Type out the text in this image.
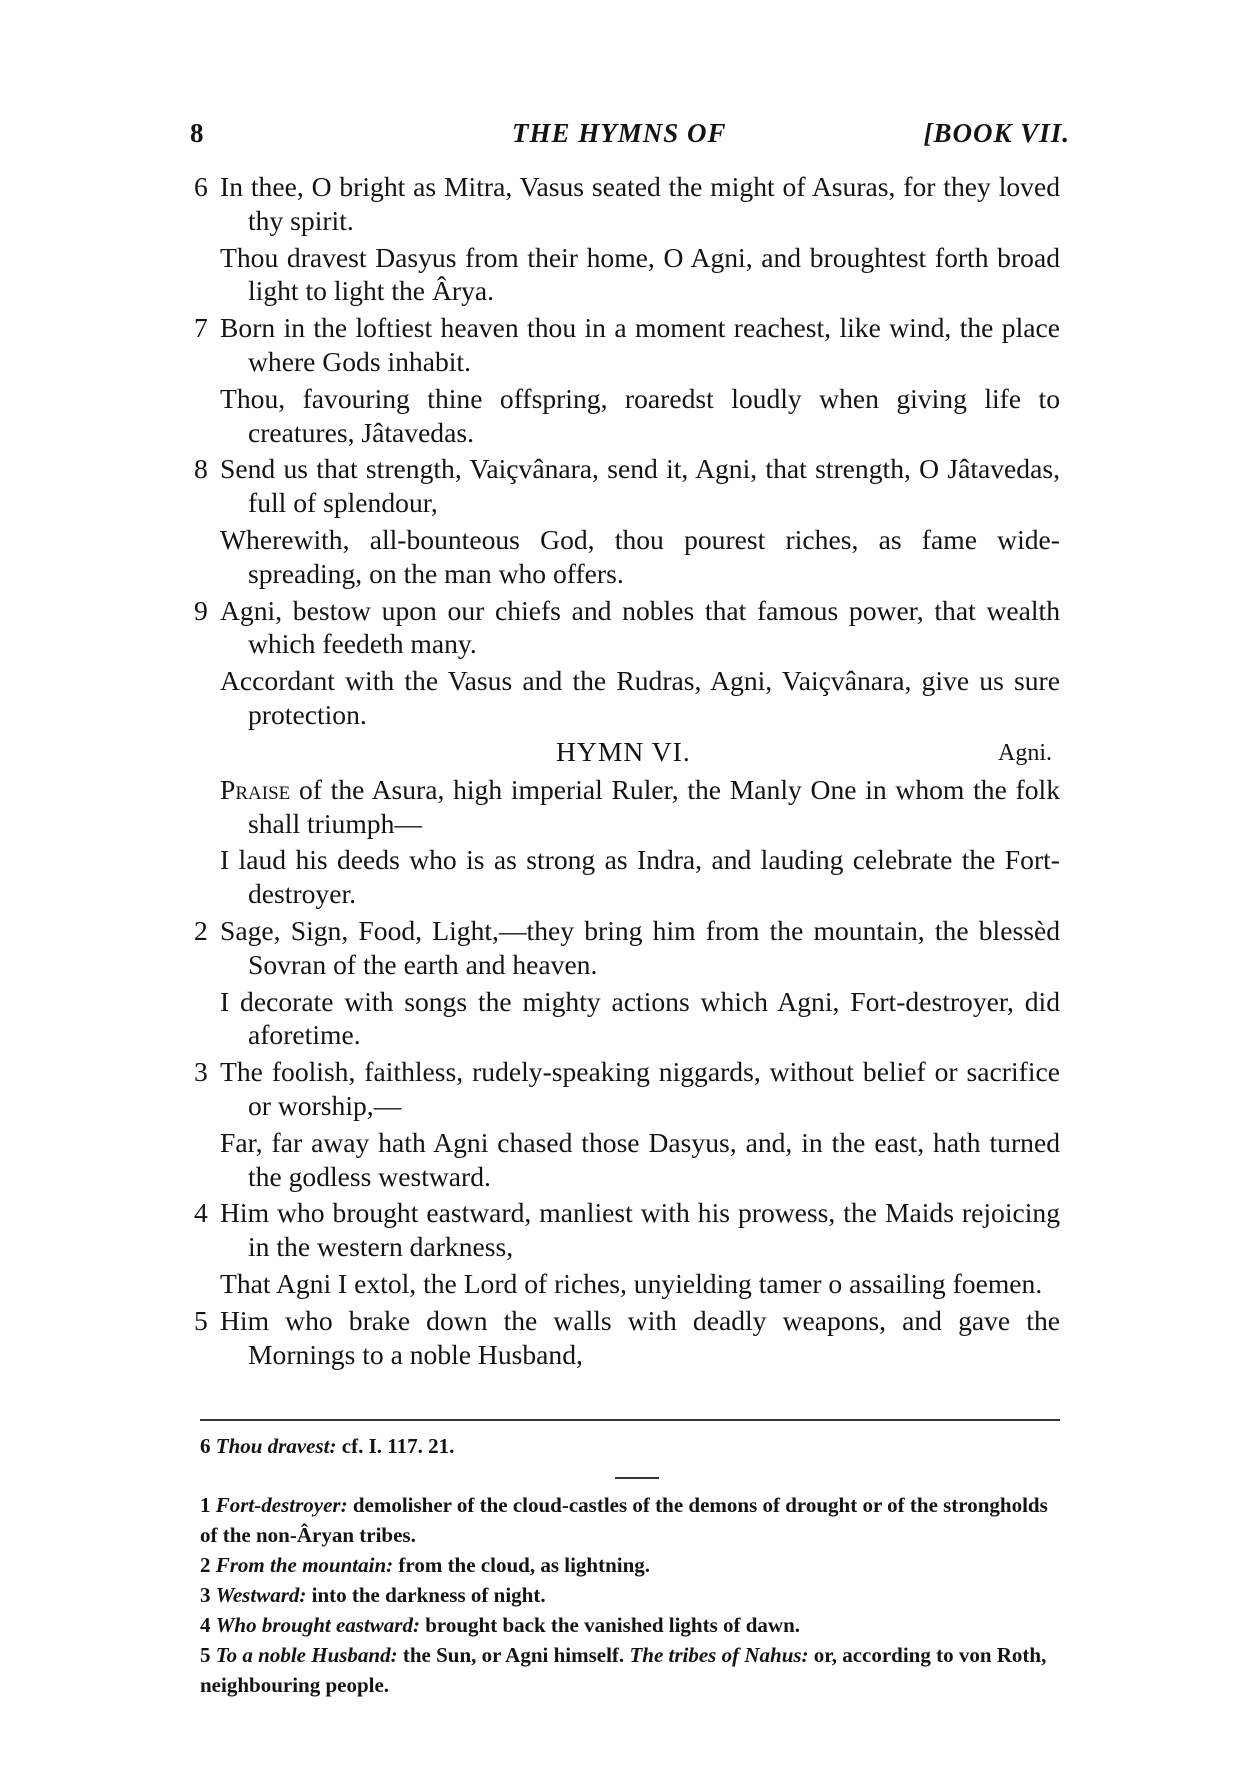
8	THE HYMNS OF	[BOOK VII.
6 In thee, O bright as Mitra, Vasus seated the might of Asuras, for they loved thy spirit.
Thou dravest Dasyus from their home, O Agni, and broughtest forth broad light to light the Ârya.
7 Born in the loftiest heaven thou in a moment reachest, like wind, the place where Gods inhabit.
Thou, favouring thine offspring, roaredst loudly when giving life to creatures, Jâtavedas.
8 Send us that strength, Vaiçvânara, send it, Agni, that strength, O Jâtavedas, full of splendour,
Wherewith, all-bounteous God, thou pourest riches, as fame wide-spreading, on the man who offers.
9 Agni, bestow upon our chiefs and nobles that famous power, that wealth which feedeth many.
Accordant with the Vasus and the Rudras, Agni, Vaiçvânara, give us sure protection.
HYMN VI.	Agni.
Praise of the Asura, high imperial Ruler, the Manly One in whom the folk shall triumph—
I laud his deeds who is as strong as Indra, and lauding celebrate the Fort-destroyer.
2 Sage, Sign, Food, Light,—they bring him from the mountain, the blessèd Sovran of the earth and heaven.
I decorate with songs the mighty actions which Agni, Fort-destroyer, did aforetime.
3 The foolish, faithless, rudely-speaking niggards, without belief or sacrifice or worship,—
Far, far away hath Agni chased those Dasyus, and, in the east, hath turned the godless westward.
4 Him who brought eastward, manliest with his prowess, the Maids rejoicing in the western darkness,
That Agni I extol, the Lord of riches, unyielding tamer o assailing foemen.
5 Him who brake down the walls with deadly weapons, and gave the Mornings to a noble Husband,
6 Thou dravest: cf. I. 117. 21.
1 Fort-destroyer: demolisher of the cloud-castles of the demons of drought or of the strongholds of the non-Âryan tribes.
2 From the mountain: from the cloud, as lightning.
3 Westward: into the darkness of night.
4 Who brought eastward: brought back the vanished lights of dawn.
5 To a noble Husband: the Sun, or Agni himself. The tribes of Nahus: or, according to von Roth, neighbouring people.
